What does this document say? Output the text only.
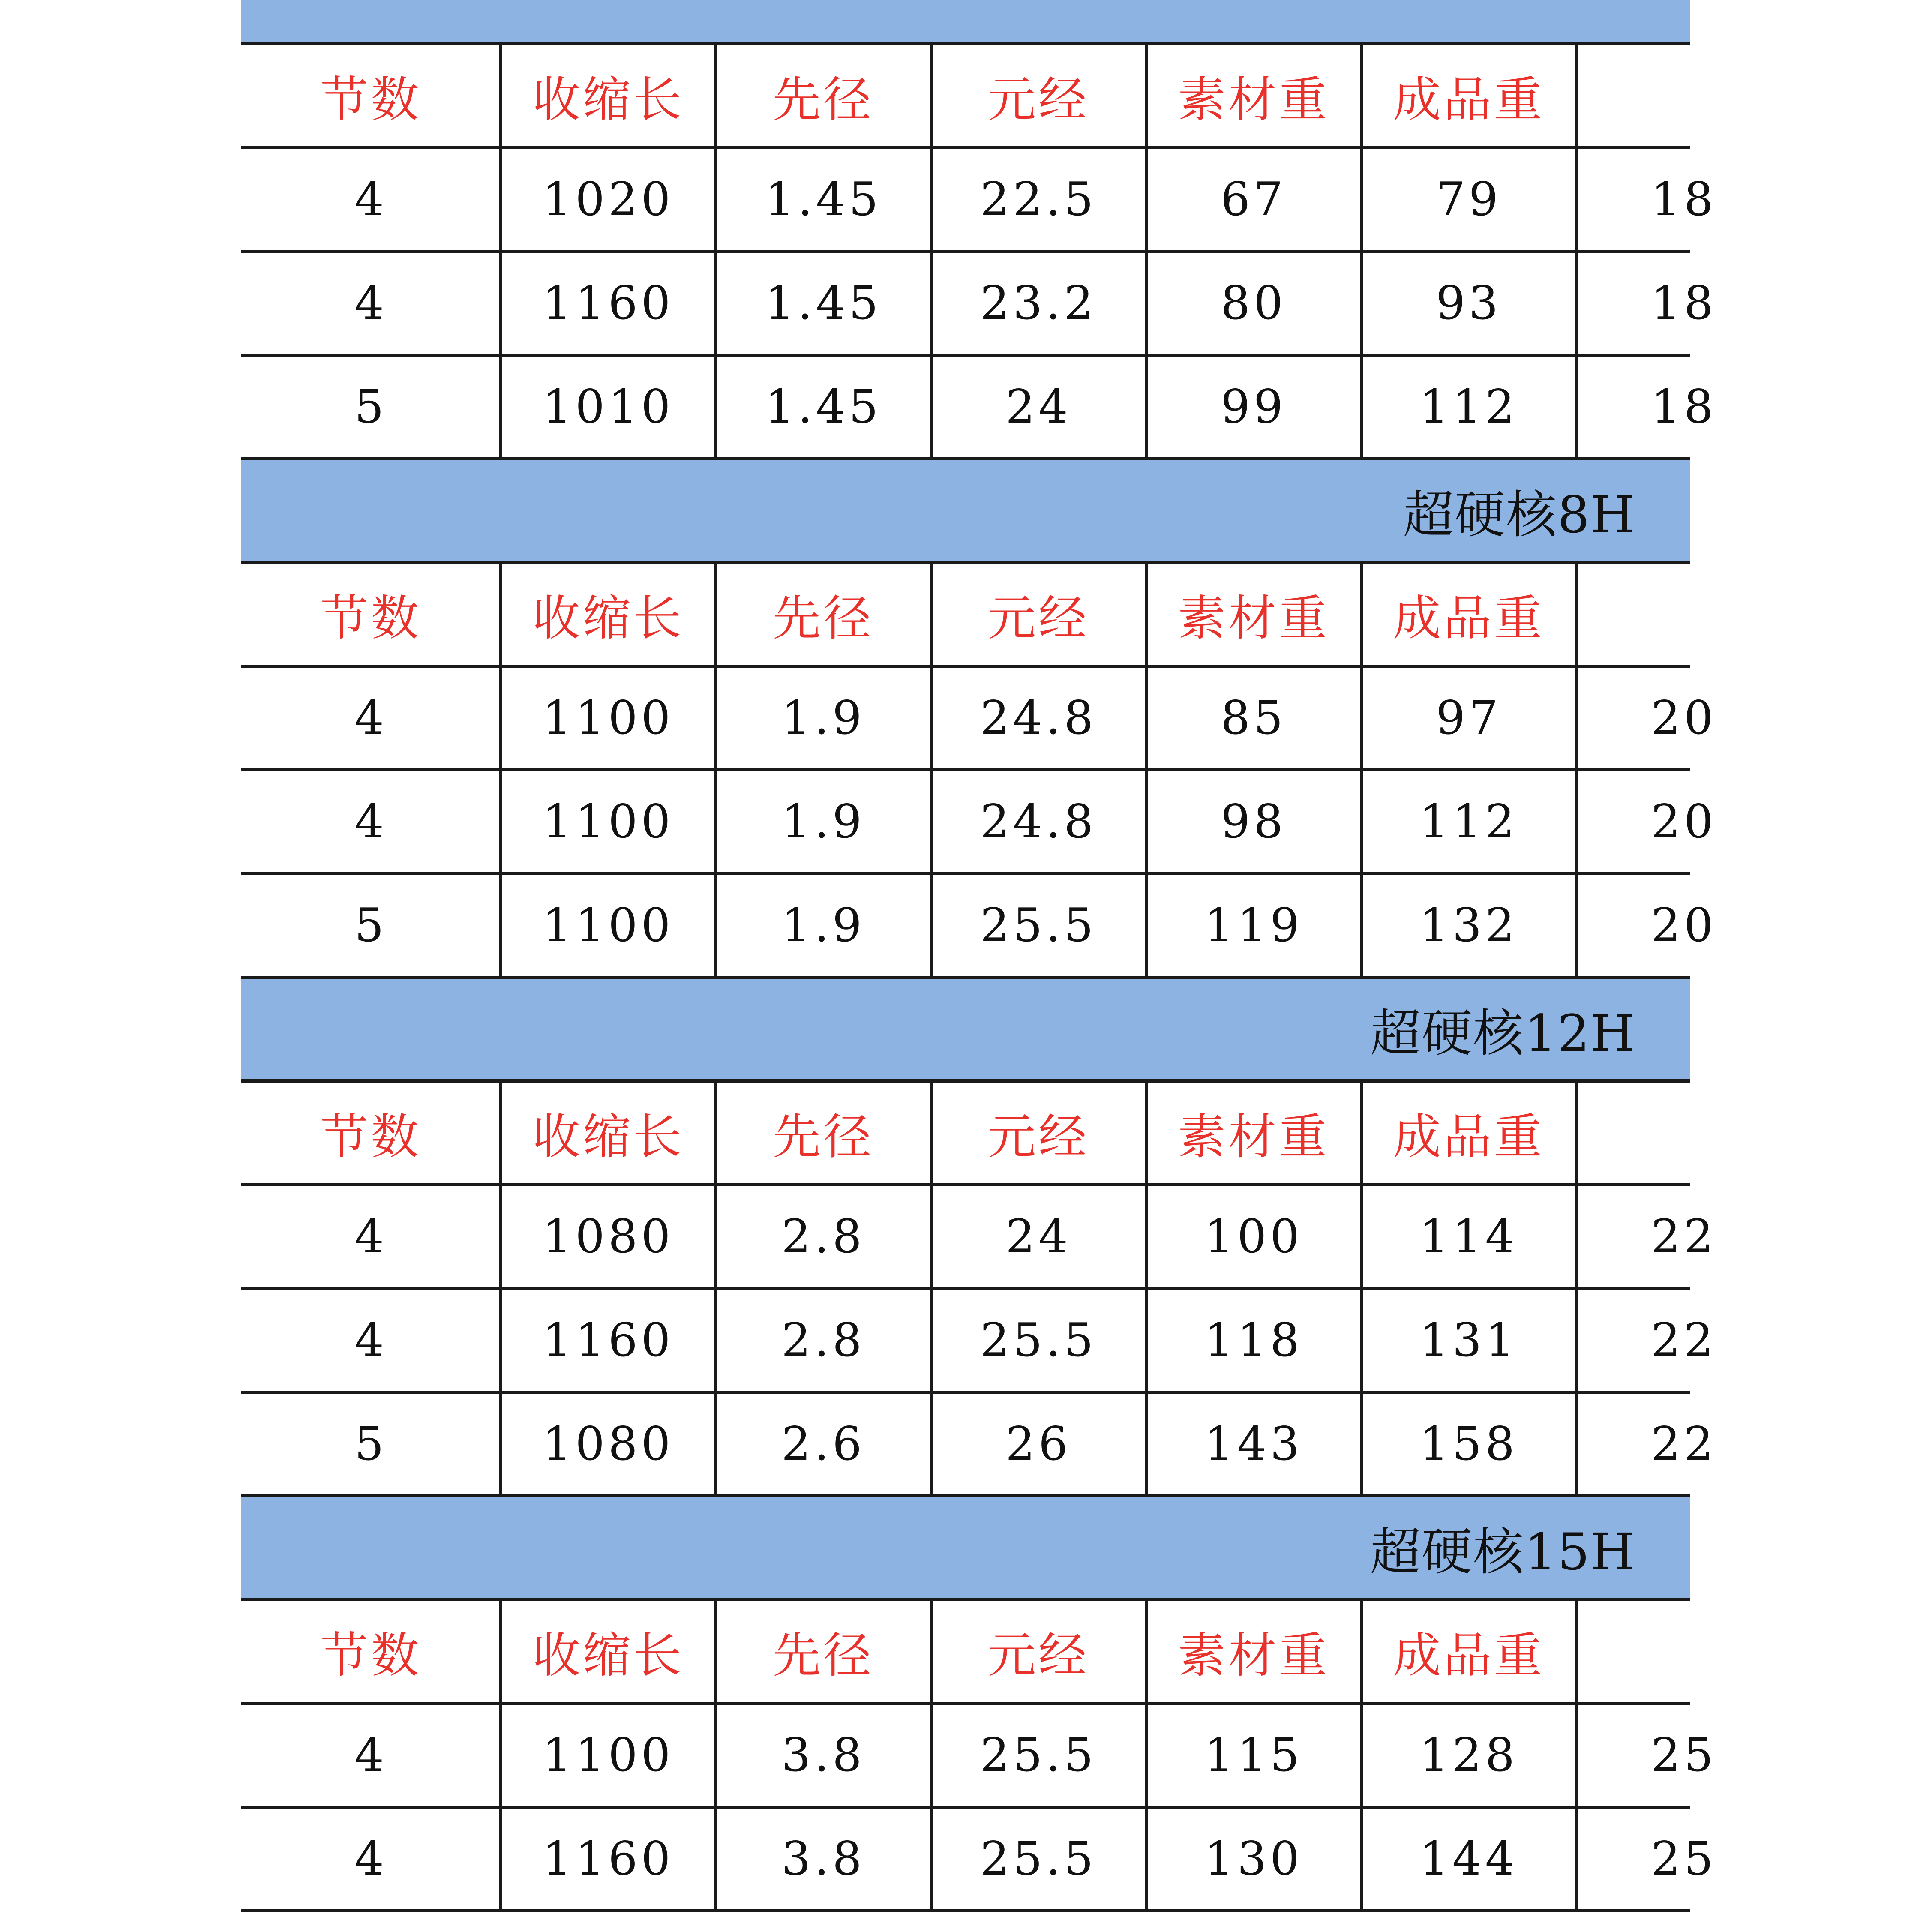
节数	收缩长	先径	元经	素材重	成品重
4	1020	1.45	22.5	67	79	18
4	1160	1.45	23.2	80	93	18
5	1010	1.45	24	99	112	18
超硬核8H
节数	收缩长	先径	元经	素材重	成品重
4	1100	1.9	24.8	85	97	20
4	1100	1.9	24.8	98	112	20
5	1100	1.9	25.5	119	132	20
超硬核12H
节数	收缩长	先径	元经	素材重	成品重
4	1080	2.8	24	100	114	22
4	1160	2.8	25.5	118	131	22
5	1080	2.6	26	143	158	22
超硬核15H
节数	收缩长	先径	元经	素材重	成品重
4	1100	3.8	25.5	115	128	25
4	1160	3.8	25.5	130	144	25
